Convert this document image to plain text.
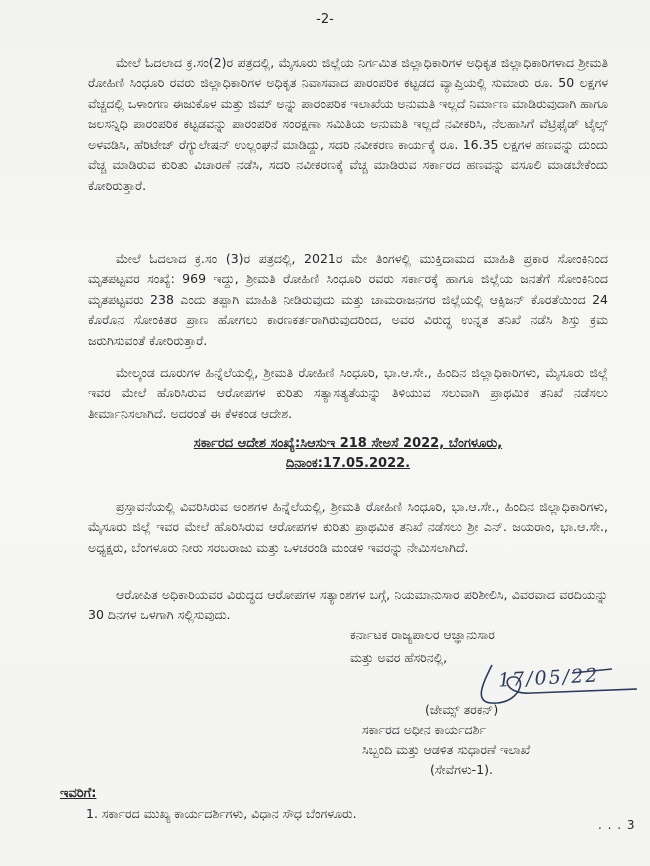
-2-

ಮೇಲೆ ಓದಲಾದ ಕ್ರ.ಸಂ(2)ರ ಪತ್ರದಲ್ಲಿ, ಮೈಸೂರು ಜಿಲ್ಲೆಯ ನಿರ್ಗಮಿತ ಜಿಲ್ಲಾಧಿಕಾರಿಗಳ ಅಧಿಕೃತ ಜಿಲ್ಲಾಧಿಕಾರಿಗಳಾದ ಶ್ರೀಮತಿ ರೋಹಿಣಿ ಸಿಂಧೂರಿ ರವರು ಜಿಲ್ಲಾಧಿಕಾರಿಗಳ ಅಧಿಕೃತ ನಿವಾಸವಾದ ಪಾರಂಪರಿಕ ಕಟ್ಟಡದ ವ್ಯಾಪ್ತಿಯಲ್ಲಿ ಸುಮಾರು ರೂ. 50 ಲಕ್ಷಗಳ ವೆಚ್ಚದಲ್ಲಿ ಒಳಾಂಗಣ ಈಜುಕೊಳ ಮತ್ತು ಜಿಮ್ ಅನ್ನು ಪಾರಂಪರಿಕ ಇಲಾಖೆಯ ಅನುಮತಿ ಇಲ್ಲದೆ ನಿರ್ಮಾಣ ಮಾಡಿರುವುದಾಗಿ ಹಾಗೂ ಜಲಸನ್ನಿಧಿ ಪಾರಂಪರಿಕ ಕಟ್ಟಡವನ್ನು ಪಾರಂಪರಿಕ ಸಂರಕ್ಷಣಾ ಸಮಿತಿಯ ಅನುಮತಿ ಇಲ್ಲದೆ ನವೀಕರಿಸಿ, ನೆಲಹಾಸಿಗೆ ವೆಟ್ರಿಫೈಡ್ ಟೈಲ್ಸ್ ಅಳವಡಿಸಿ, ಹೆರಿಟೇಜ್ ರೆಗ್ಯುಲೇಷನ್ ಉಲ್ಲಂಘನೆ ಮಾಡಿದ್ದು, ಸದರಿ ನವೀಕರಣ ಕಾರ್ಯಕ್ಕೆ ರೂ. 16.35 ಲಕ್ಷಗಳ ಹಣವನ್ನು ದುಂದು ವೆಚ್ಚ ಮಾಡಿರುವ ಕುರಿತು ವಿಚಾರಣೆ ನಡೆಸಿ, ಸದರಿ ನವೀಕರಣಕ್ಕೆ ವೆಚ್ಚ ಮಾಡಿರುವ ಸರ್ಕಾರದ ಹಣವನ್ನು ವಸೂಲಿ ಮಾಡಬೇಕೆಂದು ಕೋರಿರುತ್ತಾರೆ.

ಮೇಲೆ ಓದಲಾದ ಕ್ರ.ಸಂ (3)ರ ಪತ್ರದಲ್ಲಿ, 2021ರ ಮೇ ತಿಂಗಳಲ್ಲಿ ಮುಕ್ತಿದಾಮದ ಮಾಹಿತಿ ಪ್ರಕಾರ ಸೋಂಕಿನಿಂದ ಮೃತಪಟ್ಟವರ ಸಂಖ್ಯೆ: 969 ಇದ್ದು, ಶ್ರೀಮತಿ ರೋಹಿಣಿ ಸಿಂಧೂರಿ ರವರು ಸರ್ಕಾರಕ್ಕೆ ಹಾಗೂ ಜಿಲ್ಲೆಯ ಜನತೆಗೆ ಸೋಂಕಿನಿಂದ ಮೃತಪಟ್ಟವರು 238 ಎಂದು ತಪ್ಪಾಗಿ ಮಾಹಿತಿ ನೀಡಿರುವುದು ಮತ್ತು ಚಾಮರಾಜನಗರ ಜಿಲ್ಲೆಯಲ್ಲಿ ಆಕ್ಸಿಜನ್ ಕೊರತೆಯಿಂದ 24 ಕೊರೊನ ಸೋಂಕಿತರ ಪ್ರಾಣ ಹೋಗಲು ಕಾರಣಕರ್ತರಾಗಿರುವುದರಿಂದ, ಅವರ ವಿರುದ್ಧ ಉನ್ನತ ತನಿಖೆ ನಡೆಸಿ ಶಿಸ್ತು ಕ್ರಮ ಜರುಗಿಸುವಂತೆ ಕೋರಿರುತ್ತಾರೆ.

ಮೇಲ್ಕಂಡ ದೂರುಗಳ ಹಿನ್ನೆಲೆಯಲ್ಲಿ, ಶ್ರೀಮತಿ ರೋಹಿಣಿ ಸಿಂಧೂರಿ, ಭಾ.ಆ.ಸೇ., ಹಿಂದಿನ ಜಿಲ್ಲಾಧಿಕಾರಿಗಳು, ಮೈಸೂರು ಜಿಲ್ಲೆ ಇವರ ಮೇಲೆ ಹೊರಿಸಿರುವ ಆರೋಪಗಳ ಕುರಿತು ಸತ್ಯಾಸತ್ಯತೆಯನ್ನು ತಿಳಿಯುವ ಸಲುವಾಗಿ ಪ್ರಾಥಮಿಕ ತನಿಖೆ ನಡೆಸಲು ತೀರ್ಮಾನಿಸಲಾಗಿದೆ. ಅದರಂತೆ ಈ ಕೆಳಕಂಡ ಆದೇಶ.

ಸರ್ಕಾರದ ಆದೇಶ ಸಂಖ್ಯೆ:ಸಿಆಸುಇ 218 ಸೇಅಸೆ 2022, ಬೆಂಗಳೂರು,
ದಿನಾಂಕ:17.05.2022.

ಪ್ರಸ್ತಾವನೆಯಲ್ಲಿ ವಿವರಿಸಿರುವ ಅಂಶಗಳ ಹಿನ್ನೆಲೆಯಲ್ಲಿ, ಶ್ರೀಮತಿ ರೋಹಿಣಿ ಸಿಂಧೂರಿ, ಭಾ.ಆ.ಸೇ., ಹಿಂದಿನ ಜಿಲ್ಲಾಧಿಕಾರಿಗಳು, ಮೈಸೂರು ಜಿಲ್ಲೆ ಇವರ ಮೇಲೆ ಹೊರಿಸಿರುವ ಆರೋಪಗಳ ಕುರಿತು ಪ್ರಾಥಮಿಕ ತನಿಖೆ ನಡೆಸಲು ಶ್ರೀ ಎನ್. ಜಯರಾಂ, ಭಾ.ಆ.ಸೇ., ಅಧ್ಯಕ್ಷರು, ಬೆಂಗಳೂರು ನೀರು ಸರಬರಾಜು ಮತ್ತು ಒಳಚರಂಡಿ ಮಂಡಳಿ ಇವರನ್ನು ನೇಮಿಸಲಾಗಿದೆ.

ಆರೋಪಿತ ಅಧಿಕಾರಿಯವರ ವಿರುದ್ಧದ ಆರೋಪಗಳ ಸತ್ಯಾಂಶಗಳ ಬಗ್ಗೆ, ನಿಯಮಾನುಸಾರ ಪರಿಶೀಲಿಸಿ, ವಿವರವಾದ ವರದಿಯನ್ನು 30 ದಿನಗಳ ಒಳಗಾಗಿ ಸಲ್ಲಿಸುವುದು.

ಕರ್ನಾಟಕ ರಾಜ್ಯಪಾಲರ ಆಜ್ಞಾನುಸಾರ
ಮತ್ತು ಅವರ ಹೆಸರಿನಲ್ಲಿ,
17/05/22
(ಜೇಮ್ಸ್ ತರಕನ್)
ಸರ್ಕಾರದ ಅಧೀನ ಕಾರ್ಯದರ್ಶಿ
ಸಿಬ್ಬಂದಿ ಮತ್ತು ಆಡಳಿತ ಸುಧಾರಣೆ ಇಲಾಖೆ
(ಸೇವೆಗಳು-1).
ಇವರಿಗೆ:
1. ಸರ್ಕಾರದ ಮುಖ್ಯ ಕಾರ್ಯದರ್ಶಿಗಳು, ವಿಧಾನ ಸೌಧ ಬೆಂಗಳೂರು.
. . . 3
